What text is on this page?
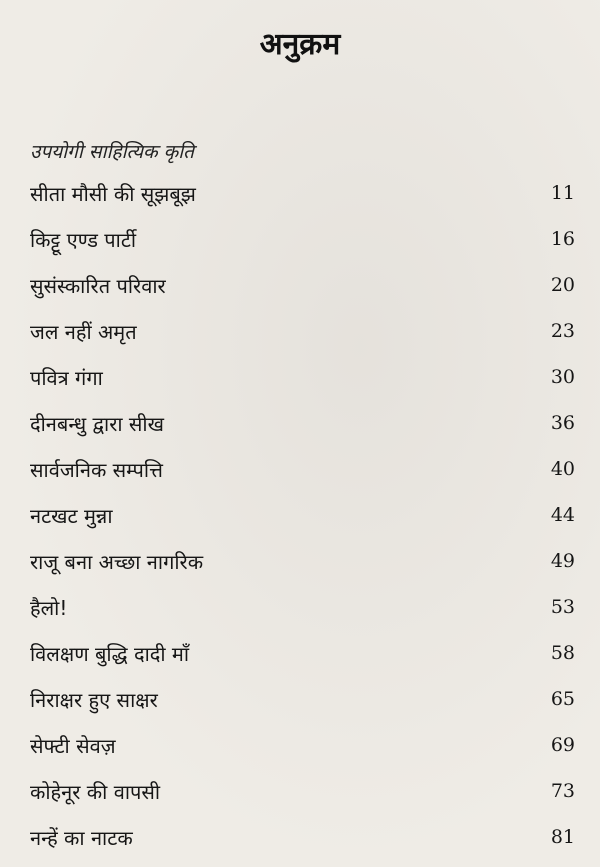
अनुक्रम
उपयोगी साहित्यिक कृति
सीता मौसी की सूझबूझ	11
किट्टू एण्ड पार्टी	16
सुसंस्कारित परिवार	20
जल नहीं अमृत	23
पवित्र गंगा	30
दीनबन्धु द्वारा सीख	36
सार्वजनिक सम्पत्ति	40
नटखट मुन्ना	44
राजू बना अच्छा नागरिक	49
हैलो!	53
विलक्षण बुद्धि दादी माँ	58
निराक्षर हुए साक्षर	65
सेफ्टी सेवज़	69
कोहेनूर की वापसी	73
नन्हें का नाटक	81
